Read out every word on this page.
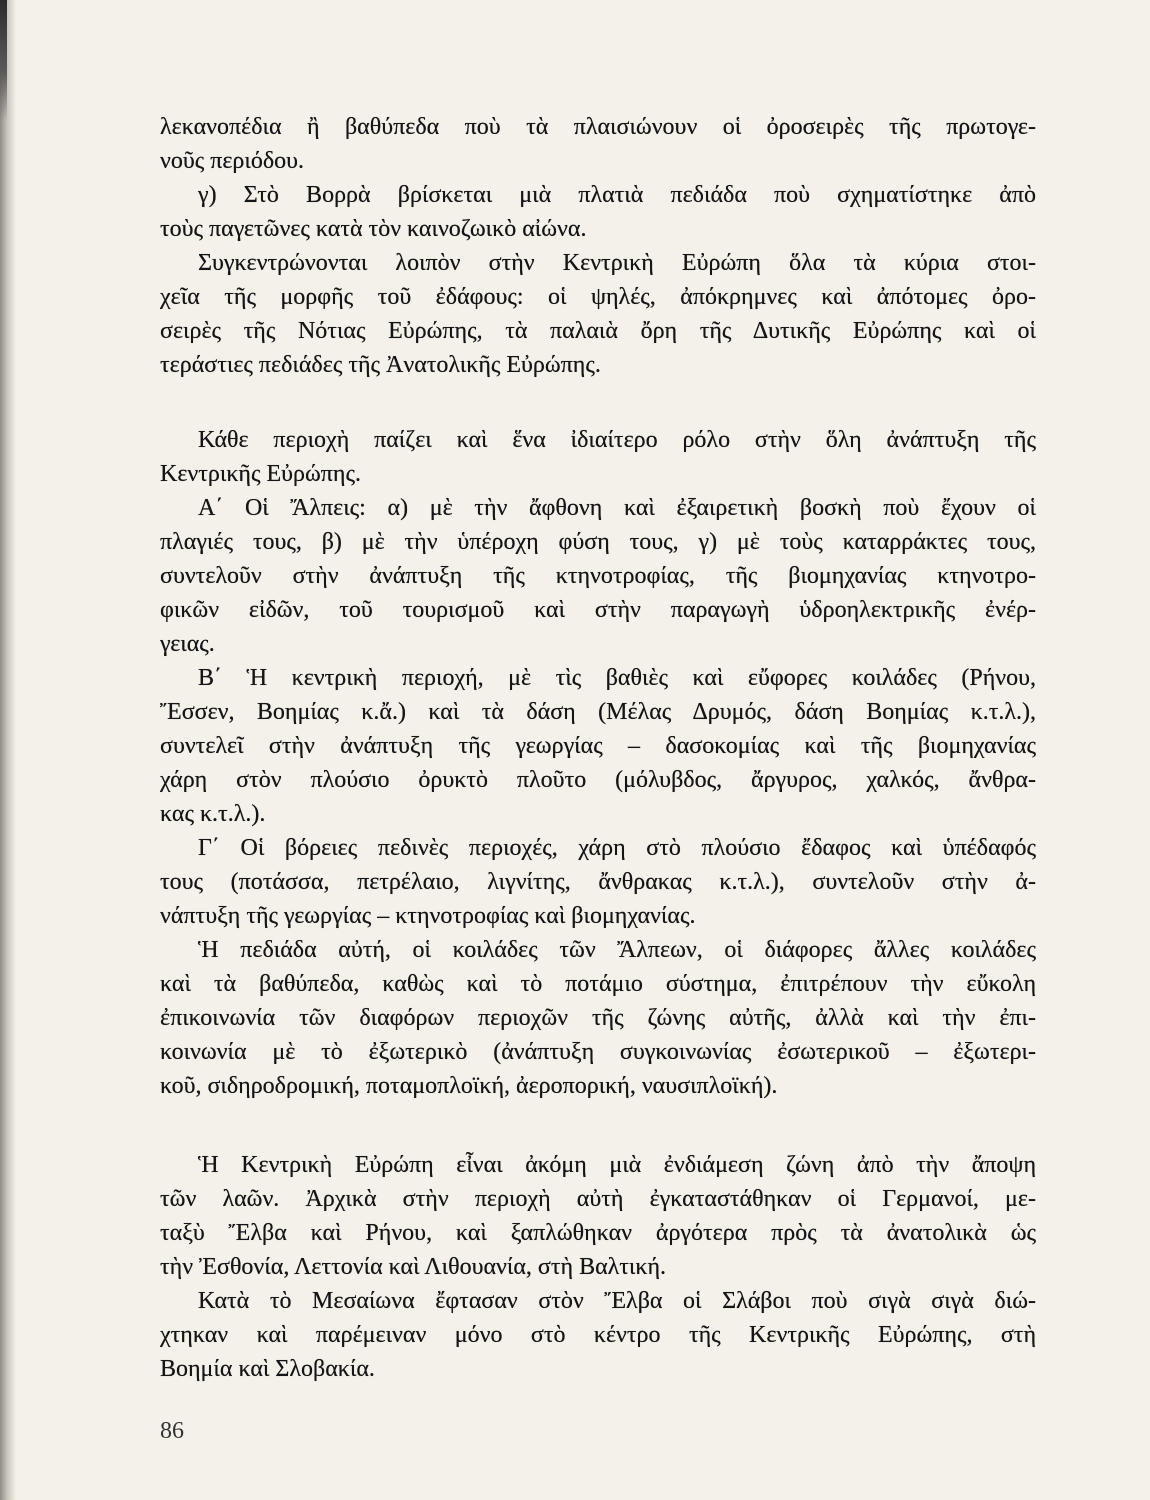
λεκανοπέδια ἢ βαθύπεδα ποὺ τὰ πλαισιώνουν οἱ ὀροσειρὲς τῆς πρωτογε-
νοῦς περιόδου.
γ) Στὸ Βορρὰ βρίσκεται μιὰ πλατιὰ πεδιάδα ποὺ σχηματίστηκε ἀπὸ
τοὺς παγετῶνες κατὰ τὸν καινοζωικὸ αἰώνα.
Συγκεντρώνονται λοιπὸν στὴν Κεντρικὴ Εὐρώπη ὅλα τὰ κύρια στοι-
χεῖα τῆς μορφῆς τοῦ ἐδάφους: οἱ ψηλές, ἀπόκρημνες καὶ ἀπότομες ὀρο-
σειρὲς τῆς Νότιας Εὐρώπης, τὰ παλαιὰ ὄρη τῆς Δυτικῆς Εὐρώπης καὶ οἱ
τεράστιες πεδιάδες τῆς Ἀνατολικῆς Εὐρώπης.
Κάθε περιοχὴ παίζει καὶ ἕνα ἰδιαίτερο ρόλο στὴν ὅλη ἀνάπτυξη τῆς
Κεντρικῆς Εὐρώπης.
Α΄ Οἱ Ἄλπεις: α) μὲ τὴν ἄφθονη καὶ ἐξαιρετικὴ βοσκὴ ποὺ ἔχουν οἱ
πλαγιές τους, β) μὲ τὴν ὑπέροχη φύση τους, γ) μὲ τοὺς καταρράκτες τους,
συντελοῦν στὴν ἀνάπτυξη τῆς κτηνοτροφίας, τῆς βιομηχανίας κτηνοτρο-
φικῶν εἰδῶν, τοῦ τουρισμοῦ καὶ στὴν παραγωγὴ ὑδροηλεκτρικῆς ἐνέρ-
γειας.
Β΄ Ἡ κεντρικὴ περιοχή, μὲ τὶς βαθιὲς καὶ εὔφορες κοιλάδες (Ρήνου,
Ἔσσεν, Βοημίας κ.ἄ.) καὶ τὰ δάση (Μέλας Δρυμός, δάση Βοημίας κ.τ.λ.),
συντελεῖ στὴν ἀνάπτυξη τῆς γεωργίας – δασοκομίας καὶ τῆς βιομηχανίας
χάρη στὸν πλούσιο ὀρυκτὸ πλοῦτο (μόλυβδος, ἄργυρος, χαλκός, ἄνθρα-
κας κ.τ.λ.).
Γ΄ Οἱ βόρειες πεδινὲς περιοχές, χάρη στὸ πλούσιο ἔδαφος καὶ ὑπέδαφός
τους (ποτάσσα, πετρέλαιο, λιγνίτης, ἄνθρακας κ.τ.λ.), συντελοῦν στὴν ἀ-
νάπτυξη τῆς γεωργίας – κτηνοτροφίας καὶ βιομηχανίας.
Ἡ πεδιάδα αὐτή, οἱ κοιλάδες τῶν Ἄλπεων, οἱ διάφορες ἄλλες κοιλάδες
καὶ τὰ βαθύπεδα, καθὼς καὶ τὸ ποτάμιο σύστημα, ἐπιτρέπουν τὴν εὔκολη
ἐπικοινωνία τῶν διαφόρων περιοχῶν τῆς ζώνης αὐτῆς, ἀλλὰ καὶ τὴν ἐπι-
κοινωνία μὲ τὸ ἐξωτερικὸ (ἀνάπτυξη συγκοινωνίας ἐσωτερικοῦ – ἐξωτερι-
κοῦ, σιδηροδρομική, ποταμοπλοϊκή, ἀεροπορική, ναυσιπλοϊκή).
Ἡ Κεντρικὴ Εὐρώπη εἶναι ἀκόμη μιὰ ἐνδιάμεση ζώνη ἀπὸ τὴν ἄποψη
τῶν λαῶν. Ἀρχικὰ στὴν περιοχὴ αὐτὴ ἐγκαταστάθηκαν οἱ Γερμανοί, με-
ταξὺ Ἔλβα καὶ Ρήνου, καὶ ξαπλώθηκαν ἀργότερα πρὸς τὰ ἀνατολικὰ ὡς
τὴν Ἐσθονία, Λεττονία καὶ Λιθουανία, στὴ Βαλτική.
Κατὰ τὸ Μεσαίωνα ἔφτασαν στὸν Ἔλβα οἱ Σλάβοι ποὺ σιγὰ σιγὰ διώ-
χτηκαν καὶ παρέμειναν μόνο στὸ κέντρο τῆς Κεντρικῆς Εὐρώπης, στὴ
Βοημία καὶ Σλοβακία.
86
